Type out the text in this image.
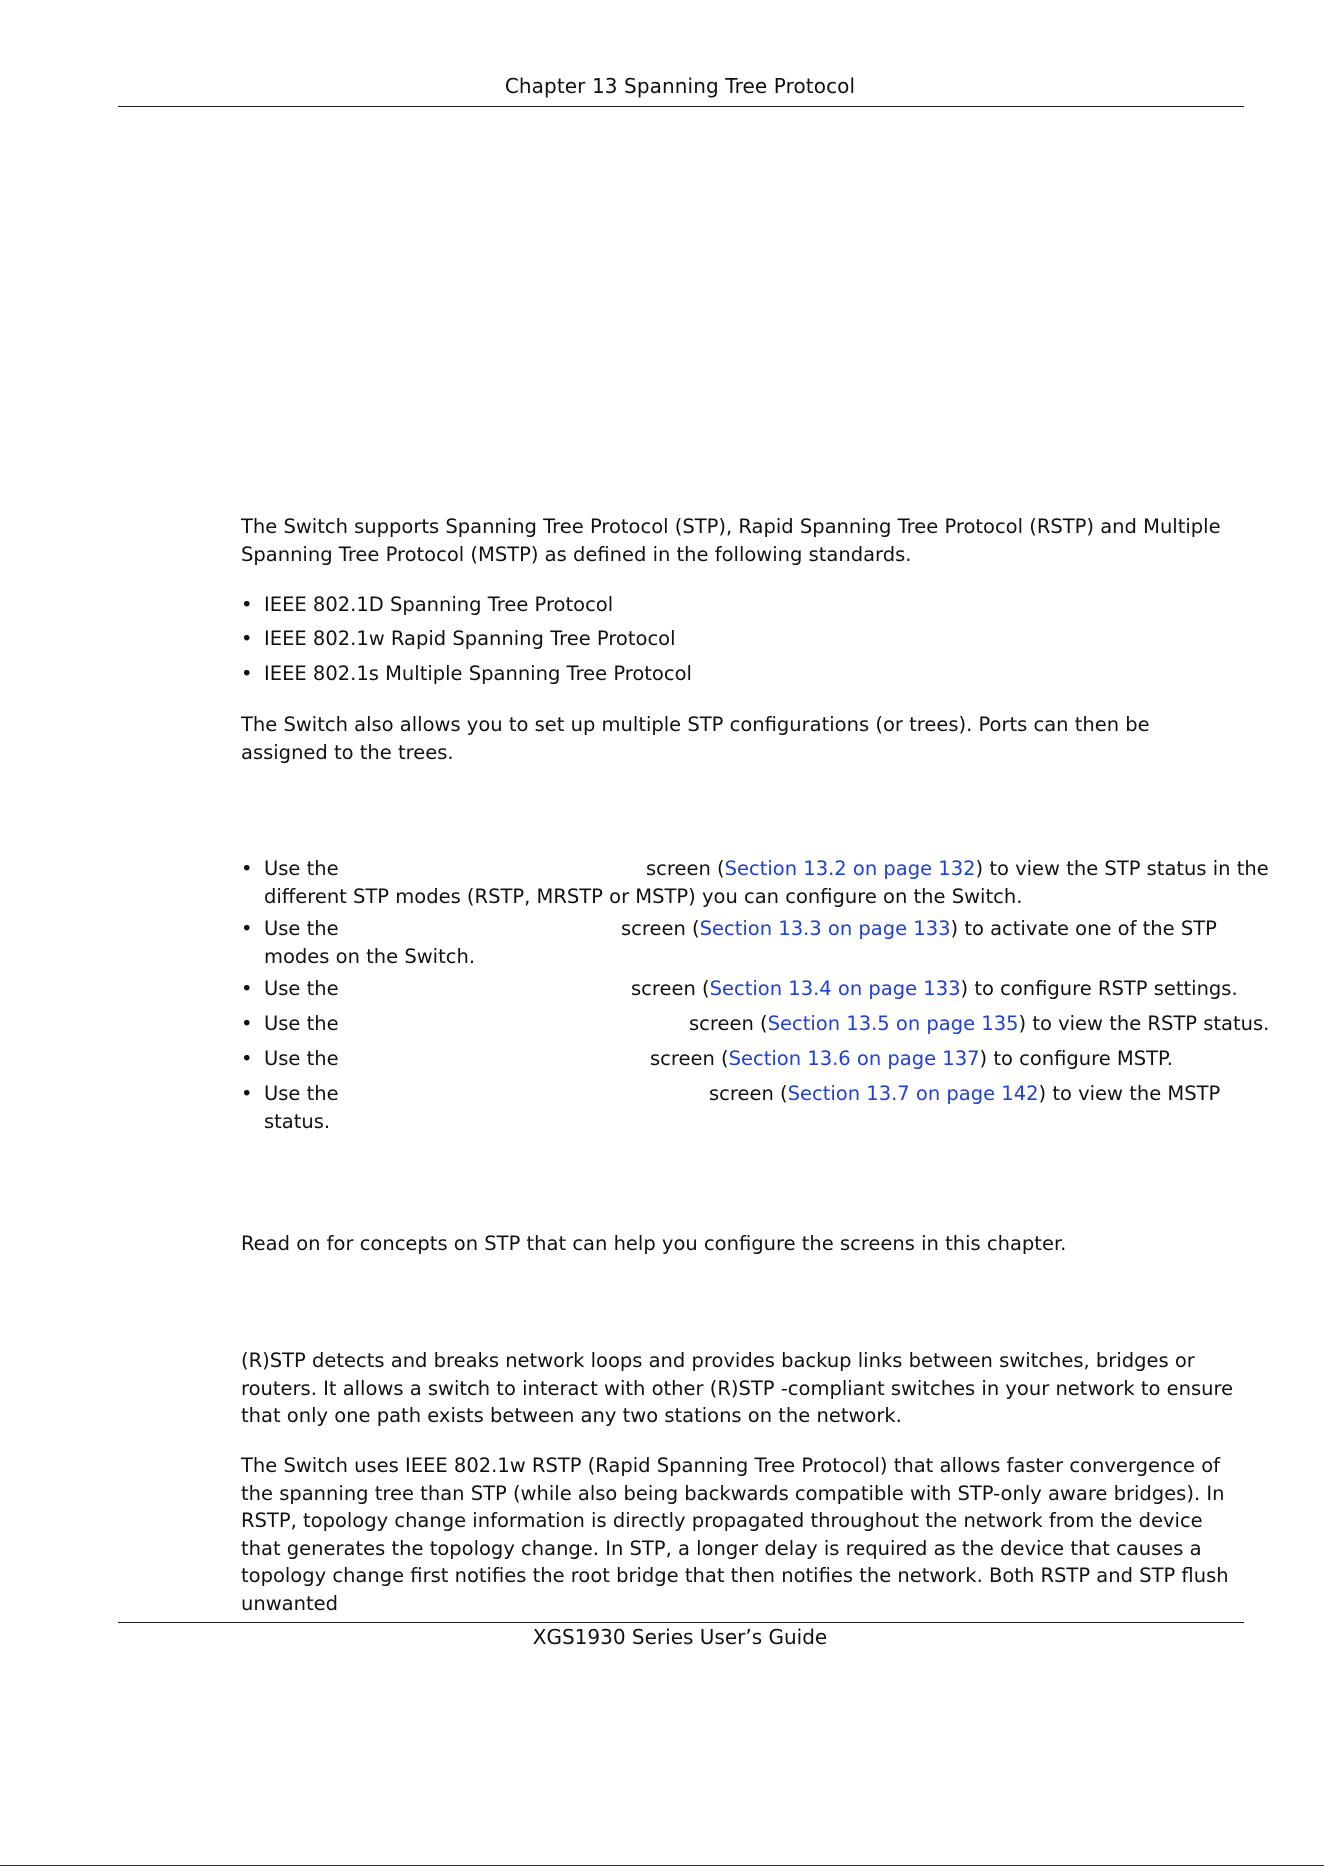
Chapter 13 Spanning Tree Protocol

The Switch supports Spanning Tree Protocol (STP), Rapid Spanning Tree Protocol (RSTP) and Multiple Spanning Tree Protocol (MSTP) as defined in the following standards.

• IEEE 802.1D Spanning Tree Protocol
• IEEE 802.1w Rapid Spanning Tree Protocol
• IEEE 802.1s Multiple Spanning Tree Protocol

The Switch also allows you to set up multiple STP configurations (or trees). Ports can then be assigned to the trees.

• Use the	screen (Section 13.2 on page 132) to view the STP status in the
different STP modes (RSTP, MRSTP or MSTP) you can configure on the Switch.
• Use the	screen (Section 13.3 on page 133) to activate one of the STP
modes on the Switch.
• Use the	screen (Section 13.4 on page 133) to configure RSTP settings.
• Use the	screen (Section 13.5 on page 135) to view the RSTP status.
• Use the	screen (Section 13.6 on page 137) to configure MSTP.
• Use the	screen (Section 13.7 on page 142) to view the MSTP
status.

Read on for concepts on STP that can help you configure the screens in this chapter.

(R)STP detects and breaks network loops and provides backup links between switches, bridges or routers. It allows a switch to interact with other (R)STP -compliant switches in your network to ensure that only one path exists between any two stations on the network.

The Switch uses IEEE 802.1w RSTP (Rapid Spanning Tree Protocol) that allows faster convergence of the spanning tree than STP (while also being backwards compatible with STP-only aware bridges). In RSTP, topology change information is directly propagated throughout the network from the device that generates the topology change. In STP, a longer delay is required as the device that causes a topology change first notifies the root bridge that then notifies the network. Both RSTP and STP flush unwanted

XGS1930 Series User’s Guide
